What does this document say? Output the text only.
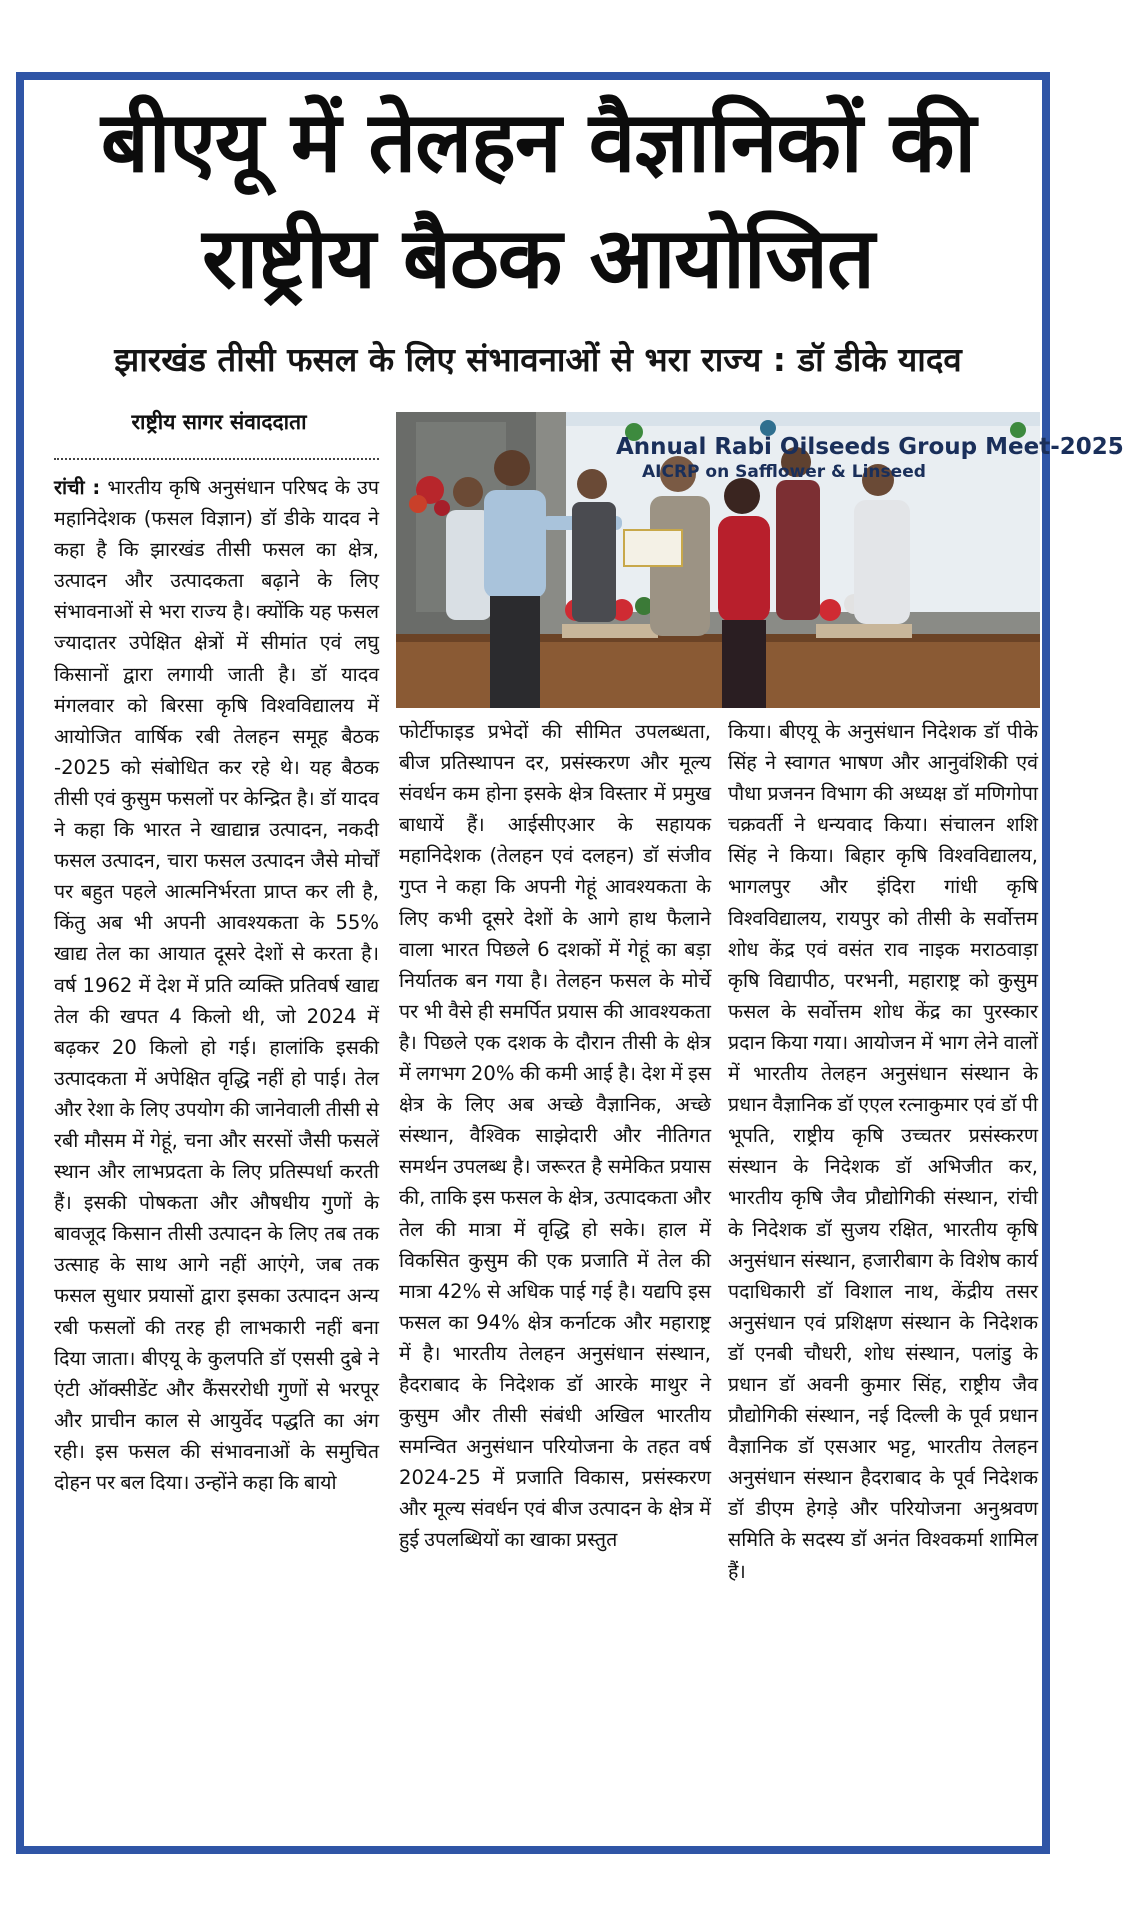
बीएयू में तेलहन वैज्ञानिकों की राष्ट्रीय बैठक आयोजित
झारखंड तीसी फसल के लिए संभावनाओं से भरा राज्य : डॉ डीके यादव
राष्ट्रीय सागर संवाददाता
रांची : भारतीय कृषि अनुसंधान परिषद के उप महानिदेशक (फसल विज्ञान) डॉ डीके यादव ने कहा है कि झारखंड तीसी फसल का क्षेत्र, उत्पादन और उत्पादकता बढ़ाने के लिए संभावनाओं से भरा राज्य है। क्योंकि यह फसल ज्यादातर उपेक्षित क्षेत्रों में सीमांत एवं लघु किसानों द्वारा लगायी जाती है। डॉ यादव मंगलवार को बिरसा कृषि विश्वविद्यालय में आयोजित वार्षिक रबी तेलहन समूह बैठक -2025 को संबोधित कर रहे थे। यह बैठक तीसी एवं कुसुम फसलों पर केन्द्रित है। डॉ यादव ने कहा कि भारत ने खाद्यान्न उत्पादन, नकदी फसल उत्पादन, चारा फसल उत्पादन जैसे मोर्चों पर बहुत पहले आत्मनिर्भरता प्राप्त कर ली है, किंतु अब भी अपनी आवश्यकता के 55% खाद्य तेल का आयात दूसरे देशों से करता है। वर्ष 1962 में देश में प्रति व्यक्ति प्रतिवर्ष खाद्य तेल की खपत 4 किलो थी, जो 2024 में बढ़कर 20 किलो हो गई। हालांकि इसकी उत्पादकता में अपेक्षित वृद्धि नहीं हो पाई। तेल और रेशा के लिए उपयोग की जानेवाली तीसी से रबी मौसम में गेहूं, चना और सरसों जैसी फसलें स्थान और लाभप्रदता के लिए प्रतिस्पर्धा करती हैं। इसकी पोषकता और औषधीय गुणों के बावजूद किसान तीसी उत्पादन के लिए तब तक उत्साह के साथ आगे नहीं आएंगे, जब तक फसल सुधार प्रयासों द्वारा इसका उत्पादन अन्य रबी फसलों की तरह ही लाभकारी नहीं बना दिया जाता। बीएयू के कुलपति डॉ एससी दुबे ने एंटी ऑक्सीडेंट और कैंसररोधी गुणों से भरपूर और प्राचीन काल से आयुर्वेद पद्धति का अंग रही। इस फसल की संभावनाओं के समुचित दोहन पर बल दिया। उन्होंने कहा कि बायो
Annual Rabi Oilseeds Group Meet-2025
AICRP on Safflower & Linseed
फोर्टीफाइड प्रभेदों की सीमित उपलब्धता, बीज प्रतिस्थापन दर, प्रसंस्करण और मूल्य संवर्धन कम होना इसके क्षेत्र विस्तार में प्रमुख बाधायें हैं। आईसीएआर के सहायक महानिदेशक (तेलहन एवं दलहन) डॉ संजीव गुप्त ने कहा कि अपनी गेहूं आवश्यकता के लिए कभी दूसरे देशों के आगे हाथ फैलाने वाला भारत पिछले 6 दशकों में गेहूं का बड़ा निर्यातक बन गया है। तेलहन फसल के मोर्चे पर भी वैसे ही समर्पित प्रयास की आवश्यकता है। पिछले एक दशक के दौरान तीसी के क्षेत्र में लगभग 20% की कमी आई है। देश में इस क्षेत्र के लिए अब अच्छे वैज्ञानिक, अच्छे संस्थान, वैश्विक साझेदारी और नीतिगत समर्थन उपलब्ध है। जरूरत है समेकित प्रयास की, ताकि इस फसल के क्षेत्र, उत्पादकता और तेल की मात्रा में वृद्धि हो सके। हाल में विकसित कुसुम की एक प्रजाति में तेल की मात्रा 42% से अधिक पाई गई है। यद्यपि इस फसल का 94% क्षेत्र कर्नाटक और महाराष्ट्र में है। भारतीय तेलहन अनुसंधान संस्थान, हैदराबाद के निदेशक डॉ आरके माथुर ने कुसुम और तीसी संबंधी अखिल भारतीय समन्वित अनुसंधान परियोजना के तहत वर्ष 2024-25 में प्रजाति विकास, प्रसंस्करण और मूल्य संवर्धन एवं बीज उत्पादन के क्षेत्र में हुई उपलब्धियों का खाका प्रस्तुत
किया। बीएयू के अनुसंधान निदेशक डॉ पीके सिंह ने स्वागत भाषण और आनुवंशिकी एवं पौधा प्रजनन विभाग की अध्यक्ष डॉ मणिगोपा चक्रवर्ती ने धन्यवाद किया। संचालन शशि सिंह ने किया। बिहार कृषि विश्वविद्यालय, भागलपुर और इंदिरा गांधी कृषि विश्वविद्यालय, रायपुर को तीसी के सर्वोत्तम शोध केंद्र एवं वसंत राव नाइक मराठवाड़ा कृषि विद्यापीठ, परभनी, महाराष्ट्र को कुसुम फसल के सर्वोत्तम शोध केंद्र का पुरस्कार प्रदान किया गया। आयोजन में भाग लेने वालों में भारतीय तेलहन अनुसंधान संस्थान के प्रधान वैज्ञानिक डॉ एएल रत्नाकुमार एवं डॉ पी भूपति, राष्ट्रीय कृषि उच्चतर प्रसंस्करण संस्थान के निदेशक डॉ अभिजीत कर, भारतीय कृषि जैव प्रौद्योगिकी संस्थान, रांची के निदेशक डॉ सुजय रक्षित, भारतीय कृषि अनुसंधान संस्थान, हजारीबाग के विशेष कार्य पदाधिकारी डॉ विशाल नाथ, केंद्रीय तसर अनुसंधान एवं प्रशिक्षण संस्थान के निदेशक डॉ एनबी चौधरी, शोध संस्थान, पलांडु के प्रधान डॉ अवनी कुमार सिंह, राष्ट्रीय जैव प्रौद्योगिकी संस्थान, नई दिल्ली के पूर्व प्रधान वैज्ञानिक डॉ एसआर भट्ट, भारतीय तेलहन अनुसंधान संस्थान हैदराबाद के पूर्व निदेशक डॉ डीएम हेगड़े और परियोजना अनुश्रवण समिति के सदस्य डॉ अनंत विश्वकर्मा शामिल हैं।
